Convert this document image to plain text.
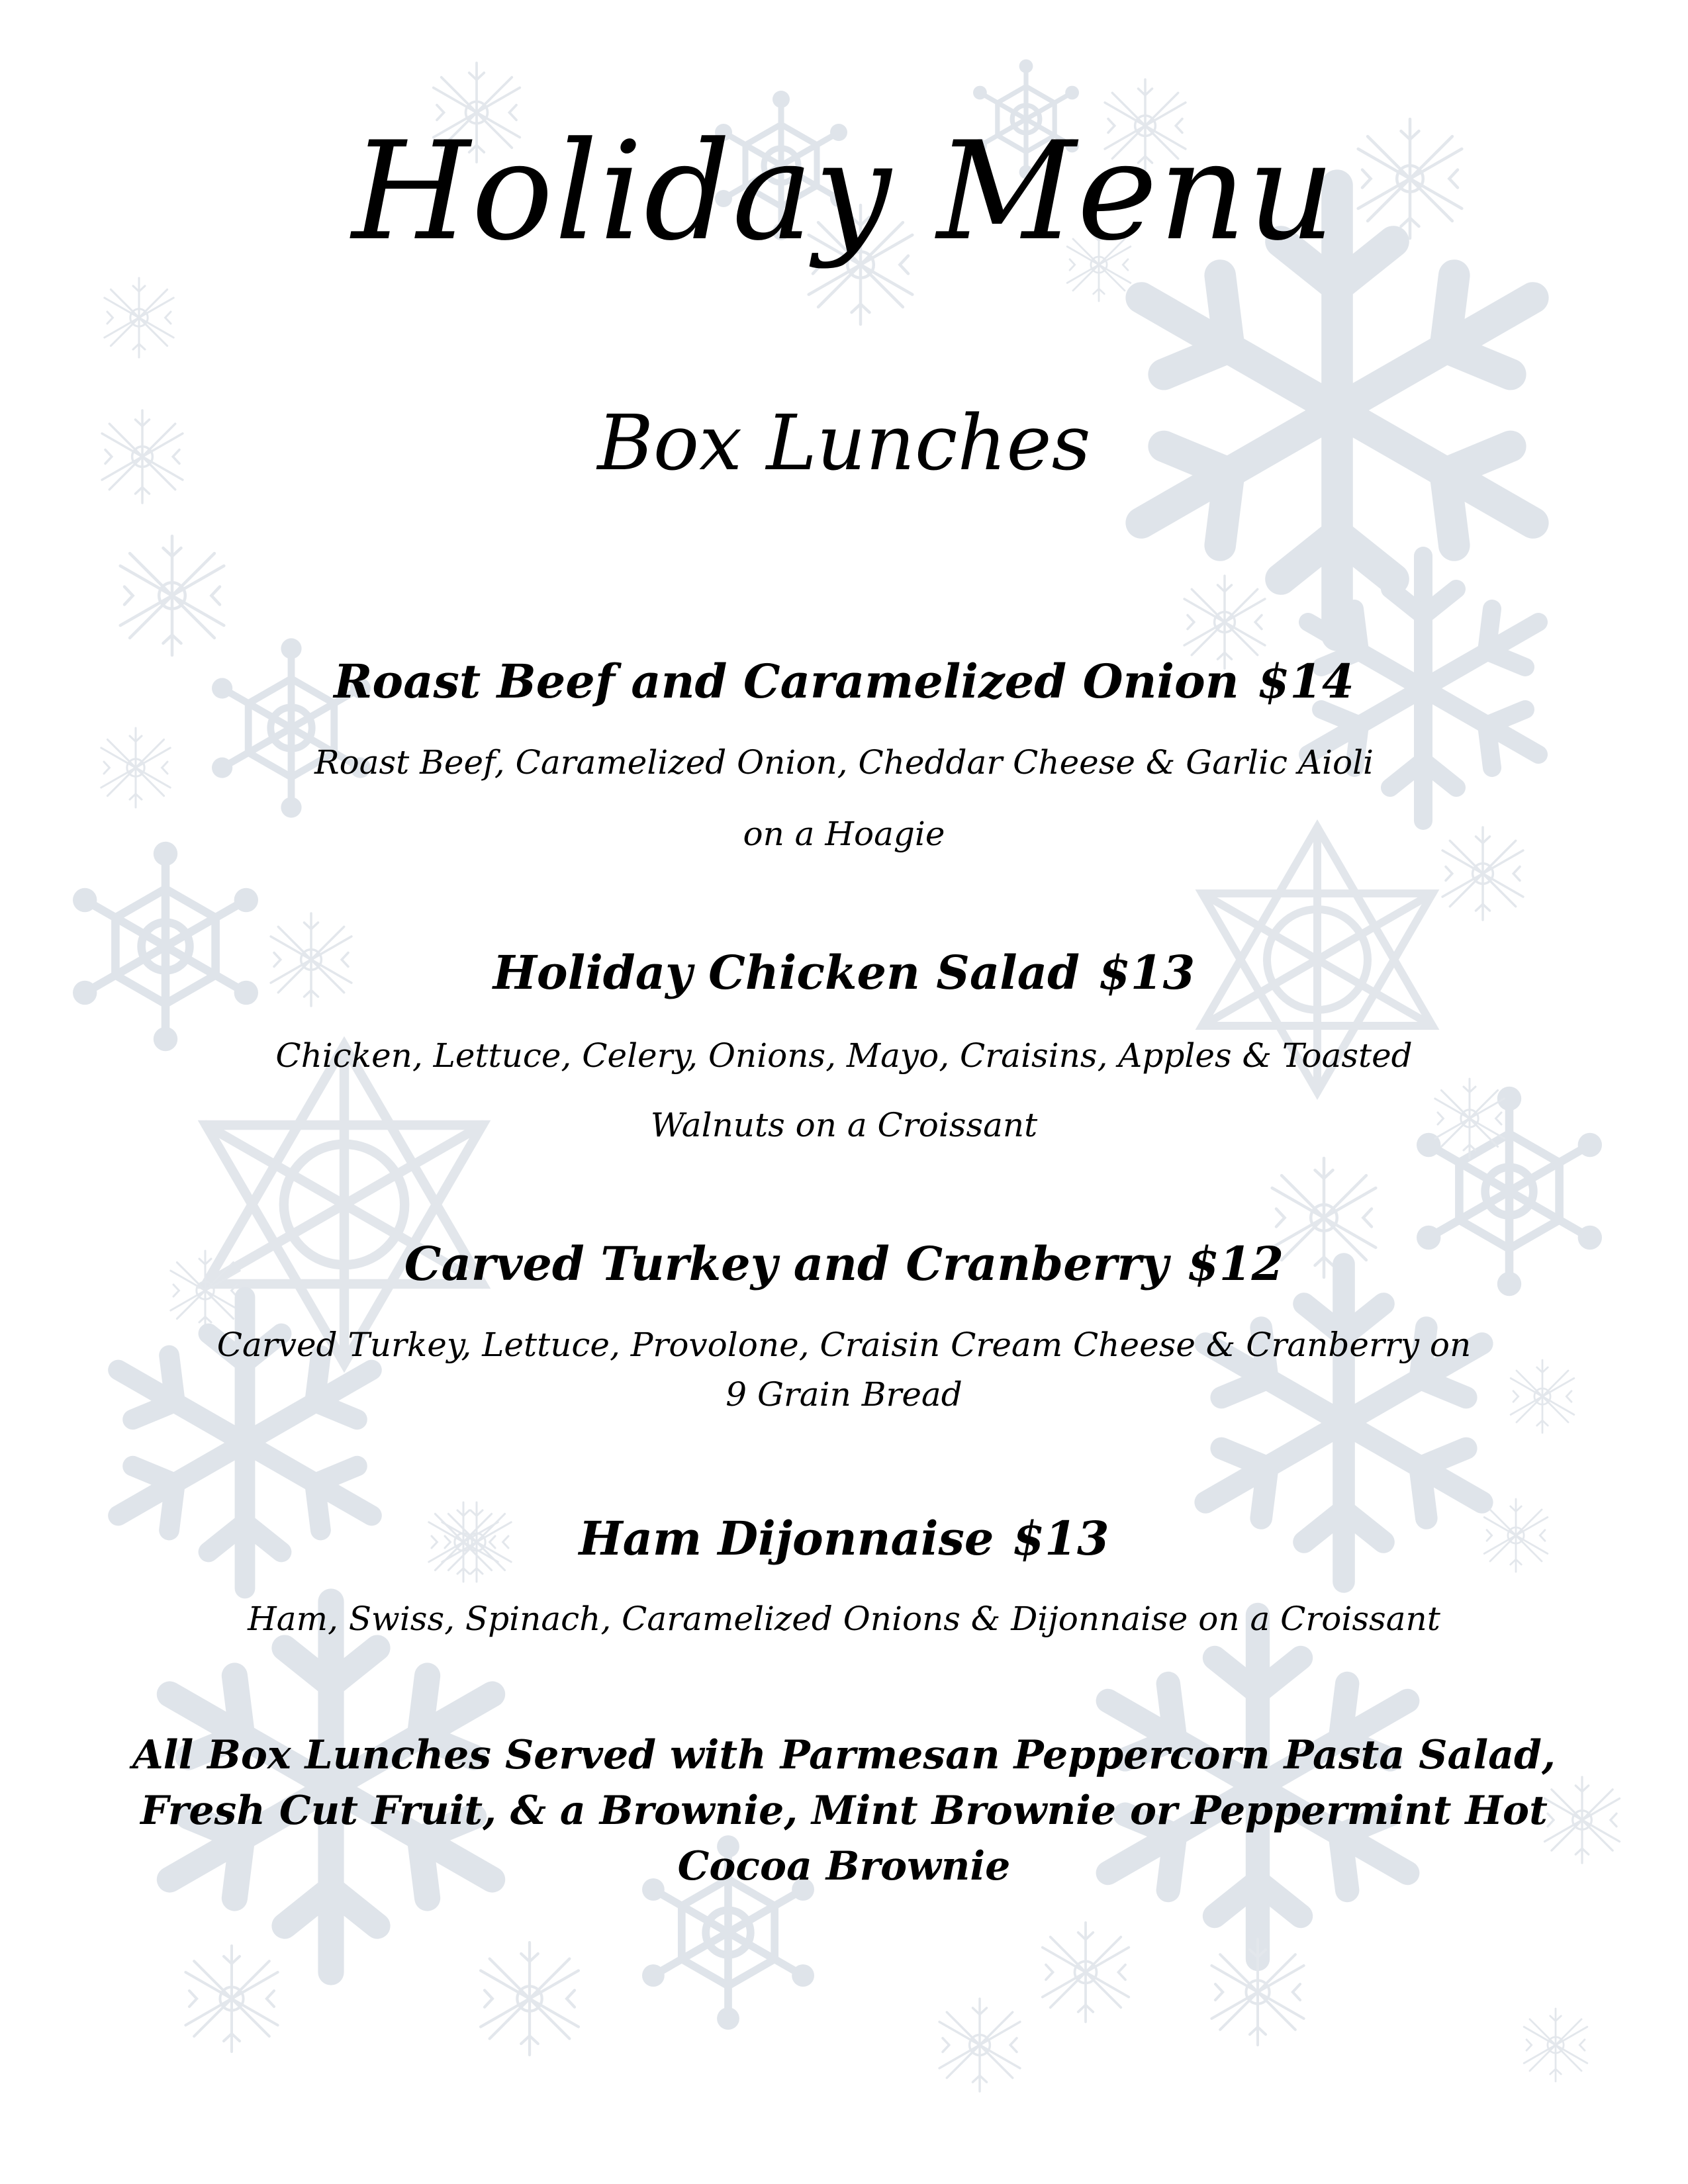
Holiday Menu
Box Lunches
Roast Beef and Caramelized Onion $14
Roast Beef, Caramelized Onion, Cheddar Cheese & Garlic Aioli
on a Hoagie
Holiday Chicken Salad $13
Chicken, Lettuce, Celery, Onions, Mayo, Craisins, Apples & Toasted
Walnuts on a Croissant
Carved Turkey and Cranberry $12
Carved Turkey, Lettuce, Provolone, Craisin Cream Cheese & Cranberry on
9 Grain Bread
Ham Dijonnaise $13
Ham, Swiss, Spinach, Caramelized Onions & Dijonnaise on a Croissant
All Box Lunches Served with Parmesan Peppercorn Pasta Salad,
Fresh Cut Fruit, & a Brownie, Mint Brownie or Peppermint Hot
Cocoa Brownie
